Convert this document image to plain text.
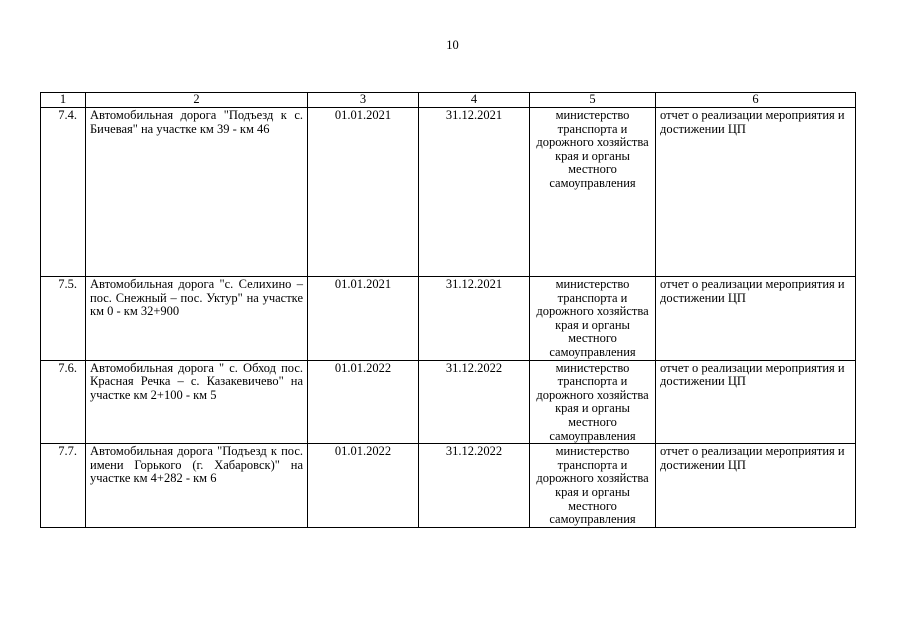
10
1	2	3	4	5	6
7.4.	Автомобильная дорога "Подъезд к с. Бичевая" на участке км 39 - км 46	01.01.2021	31.12.2021	министерство транспорта и дорожного хозяйства края и органы местного самоуправления	отчет о реализации мероприятия и достижении ЦП
7.5.	Автомобильная дорога "с. Селихино – пос. Снежный – пос. Уктур" на участке км 0 - км 32+900	01.01.2021	31.12.2021	министерство транспорта и дорожного хозяйства края и органы местного самоуправления	отчет о реализации мероприятия и достижении ЦП
7.6.	Автомобильная дорога " с. Обход пос. Красная Речка – с. Казакевичево" на участке км 2+100 - км 5	01.01.2022	31.12.2022	министерство транспорта и дорожного хозяйства края и органы местного самоуправления	отчет о реализации мероприятия и достижении ЦП
7.7.	Автомобильная дорога "Подъезд к пос. имени Горького (г. Хабаровск)" на участке км 4+282 - км 6	01.01.2022	31.12.2022	министерство транспорта и дорожного хозяйства края и органы местного самоуправления	отчет о реализации мероприятия и достижении ЦП
